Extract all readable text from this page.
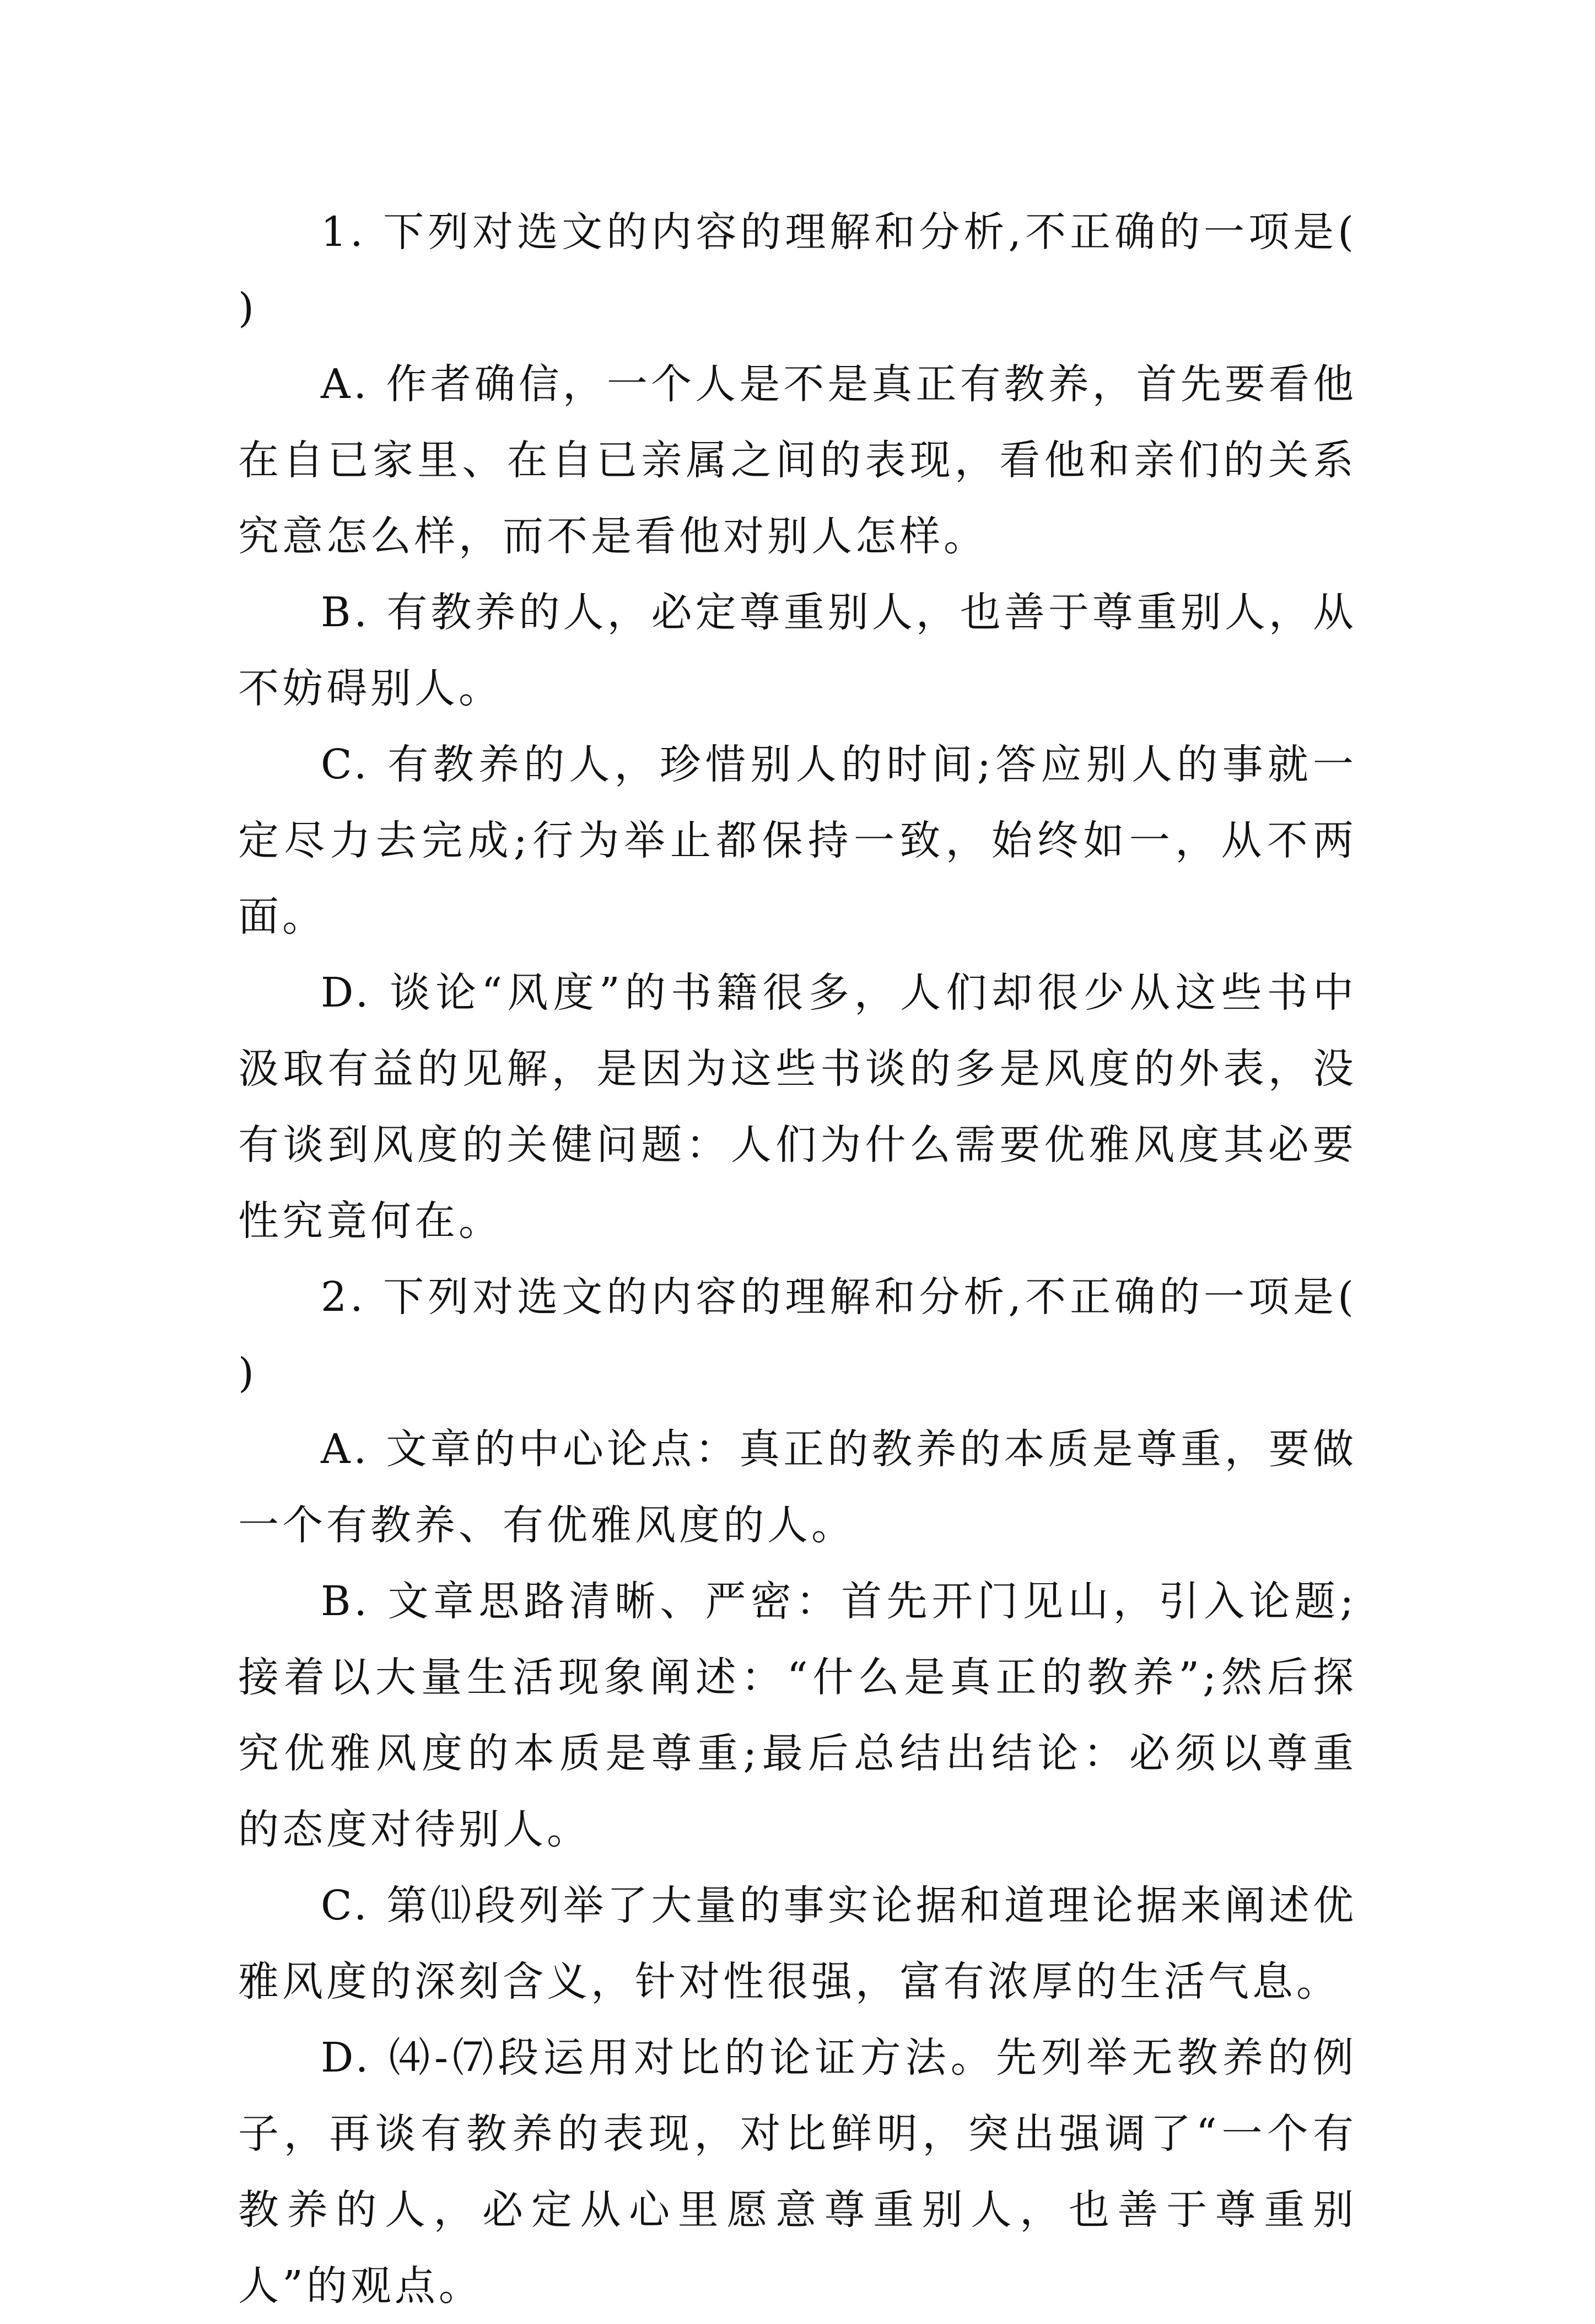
1. 下列对选文的内容的理解和分析,不正确的一项是( )

A. 作者确信，一个人是不是真正有教养，首先要看他在自已家里、在自已亲属之间的表现，看他和亲们的关系究意怎么样，而不是看他对别人怎样。

B. 有教养的人，必定尊重别人，也善于尊重别人，从不妨碍别人。

C. 有教养的人，珍惜别人的时间;答应别人的事就一定尽力去完成;行为举止都保持一致，始终如一，从不两面。

D. 谈论“风度”的书籍很多，人们却很少从这些书中汲取有益的见解，是因为这些书谈的多是风度的外表，没有谈到风度的关健问题：人们为什么需要优雅风度其必要性究竟何在。

2. 下列对选文的内容的理解和分析,不正确的一项是( )

A. 文章的中心论点：真正的教养的本质是尊重，要做一个有教养、有优雅风度的人。

B. 文章思路清晰、严密：首先开门见山，引入论题;接着以大量生活现象阐述：“什么是真正的教养”;然后探究优雅风度的本质是尊重;最后总结出结论：必须以尊重的态度对待别人。

C. 第⑾段列举了大量的事实论据和道理论据来阐述优雅风度的深刻含义，针对性很强，富有浓厚的生活气息。

D. ⑷-⑺段运用对比的论证方法。先列举无教养的例子，再谈有教养的表现，对比鲜明，突出强调了“一个有教养的人，必定从心里愿意尊重别人，也善于尊重别人”的观点。
